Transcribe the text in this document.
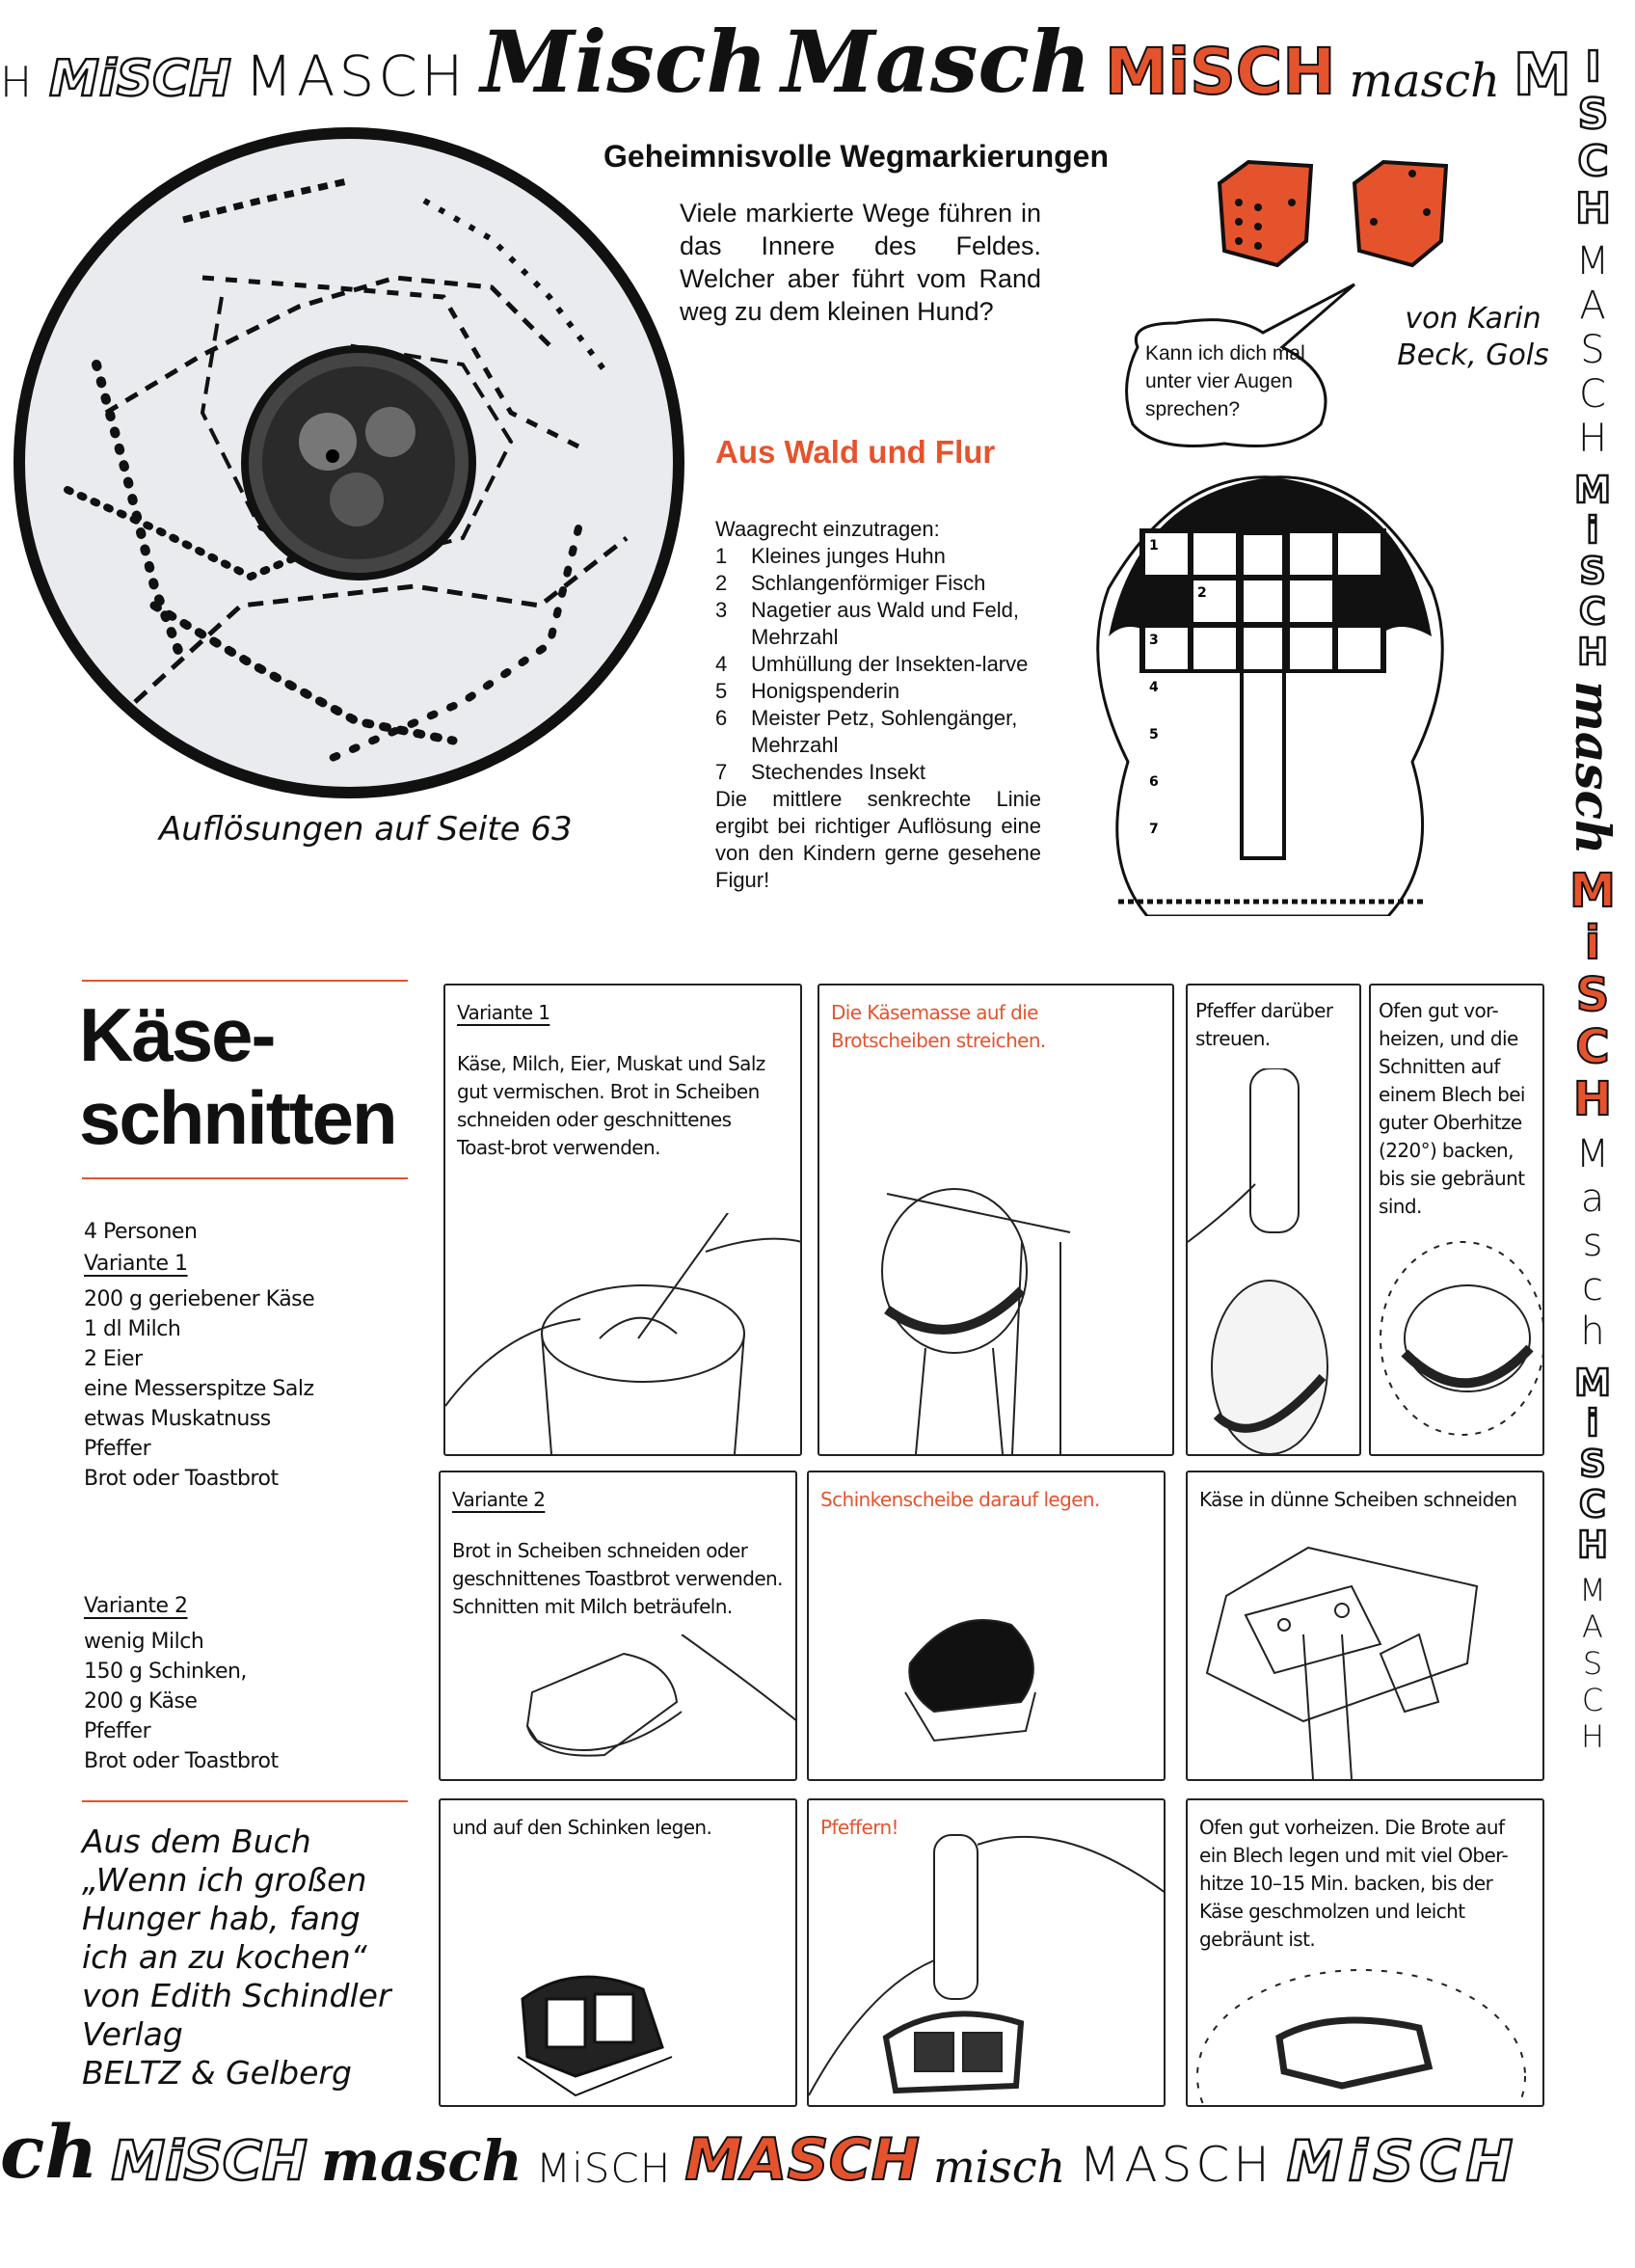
H MiSCH MASCH Misch Masch MiSCH masch M
ISCH
MASCH
MiSCH
masch
MiSCH
Masch
MiSCH
MASCH
Auflösungen auf Seite 63
Geheimnisvolle Wegmarkierungen
Viele markierte Wege führen in das Innere des Feldes. Welcher aber führt vom Rand weg zu dem kleinen Hund?
Kann ich dich mal unter vier Augen sprechen?
von Karin Beck, Gols
Aus Wald und Flur
Waagrecht einzutragen:
1	Kleines junges Huhn
2	Schlangenförmiger Fisch
3	Nagetier aus Wald und Feld, Mehrzahl
4	Umhüllung der Insekten-larve
5	Honigspenderin
6	Meister Petz, Sohlengänger, Mehrzahl
7	Stechendes Insekt
Die mittlere senkrechte Linie ergibt bei richtiger Auflösung eine von den Kindern gerne gesehene Figur!
1
2
3
4
5
6
7
Käse-
schnitten
4 Personen
Variante 1
200 g geriebener Käse
1 dl Milch
2 Eier
eine Messerspitze Salz
etwas Muskatnuss
Pfeffer
Brot oder Toastbrot
Variante 2
wenig Milch
150 g Schinken,
200 g Käse
Pfeffer
Brot oder Toastbrot
Aus dem Buch
„Wenn ich großen
Hunger hab, fang
ich an zu kochen“
von Edith Schindler
Verlag
BELTZ & Gelberg
Variante 1
Käse, Milch, Eier, Muskat und Salz gut vermischen. Brot in Scheiben schneiden oder geschnittenes Toast-brot verwenden.
Die Käsemasse auf die Brotscheiben streichen.
Pfeffer darüber streuen.
Ofen gut vor-heizen, und die Schnitten auf einem Blech bei guter Oberhitze (220°) backen, bis sie gebräunt sind.
Variante 2
Brot in Scheiben schneiden oder geschnittenes Toastbrot verwenden. Schnitten mit Milch beträufeln.
Schinkenscheibe darauf legen.	Käse in dünne Scheiben schneiden
und auf den Schinken legen.	Pfeffern!	Ofen gut vorheizen. Die Brote auf ein Blech legen und mit viel Ober-hitze 10–15 Min. backen, bis der Käse geschmolzen und leicht gebräunt ist.
ch MiSCH masch MiSCH MASCH misch MASCH MiSCH
